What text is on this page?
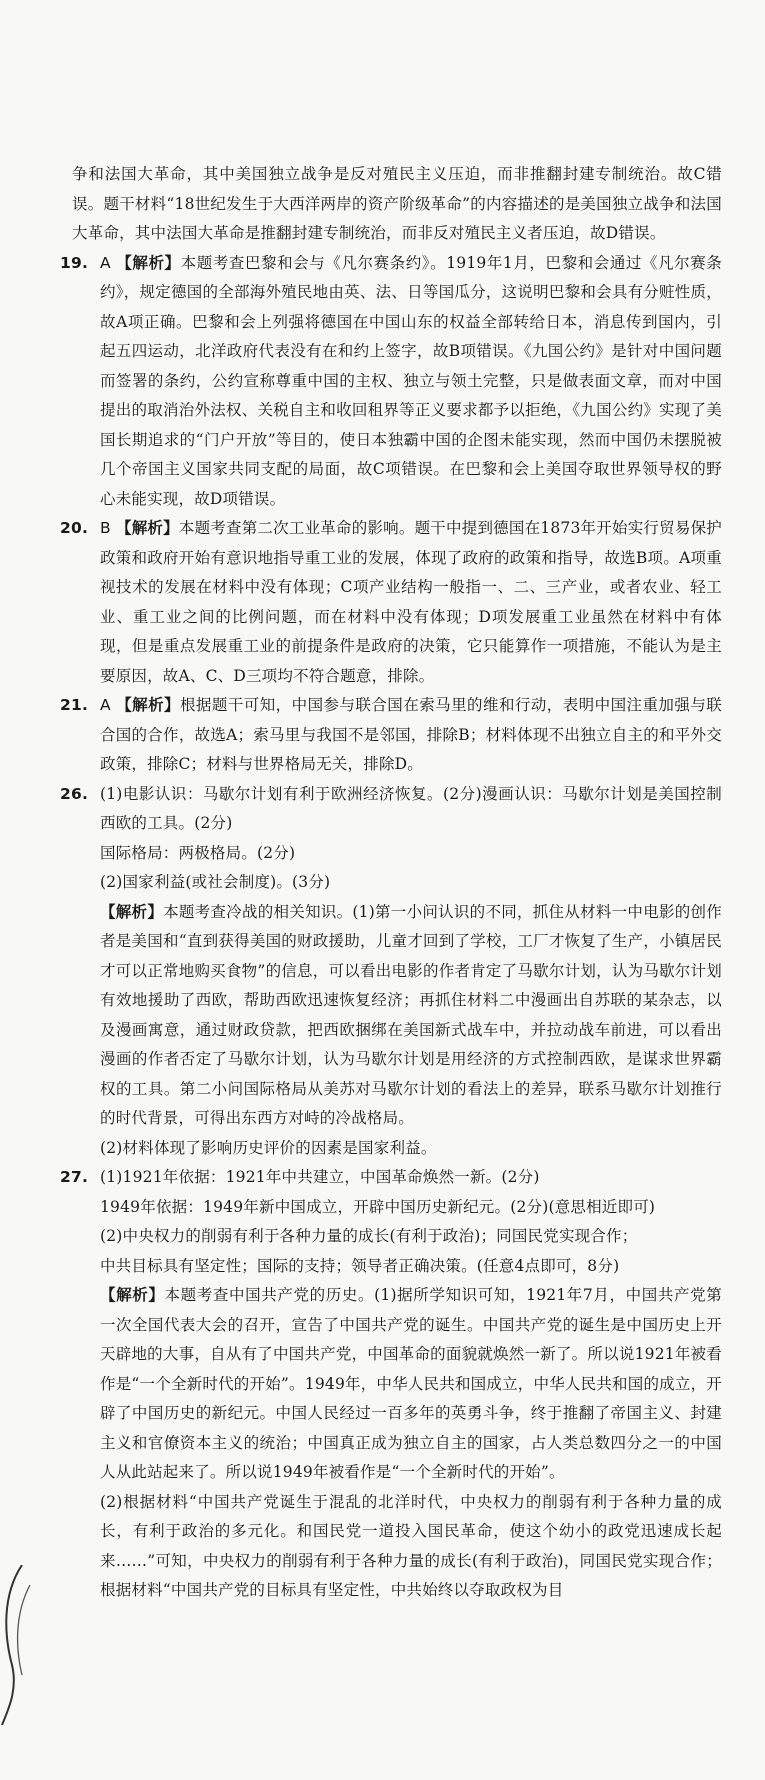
争和法国大革命，其中美国独立战争是反对殖民主义压迫，而非推翻封建专制统治。故C错误。题干材料“18世纪发生于大西洋两岸的资产阶级革命”的内容描述的是美国独立战争和法国大革命，其中法国大革命是推翻封建专制统治，而非反对殖民主义者压迫，故D错误。

19. A 【解析】本题考查巴黎和会与《凡尔赛条约》。1919年1月，巴黎和会通过《凡尔赛条约》，规定德国的全部海外殖民地由英、法、日等国瓜分，这说明巴黎和会具有分赃性质，故A项正确。巴黎和会上列强将德国在中国山东的权益全部转给日本，消息传到国内，引起五四运动，北洋政府代表没有在和约上签字，故B项错误。《九国公约》是针对中国问题而签署的条约，公约宣称尊重中国的主权、独立与领土完整，只是做表面文章，而对中国提出的取消治外法权、关税自主和收回租界等正义要求都予以拒绝，《九国公约》实现了美国长期追求的“门户开放”等目的，使日本独霸中国的企图未能实现，然而中国仍未摆脱被几个帝国主义国家共同支配的局面，故C项错误。在巴黎和会上美国夺取世界领导权的野心未能实现，故D项错误。
20. B 【解析】本题考查第二次工业革命的影响。题干中提到德国在1873年开始实行贸易保护政策和政府开始有意识地指导重工业的发展，体现了政府的政策和指导，故选B项。A项重视技术的发展在材料中没有体现；C项产业结构一般指一、二、三产业，或者农业、轻工业、重工业之间的比例问题，而在材料中没有体现；D项发展重工业虽然在材料中有体现，但是重点发展重工业的前提条件是政府的决策，它只能算作一项措施，不能认为是主要原因，故A、C、D三项均不符合题意，排除。
21. A 【解析】根据题干可知，中国参与联合国在索马里的维和行动，表明中国注重加强与联合国的合作，故选A；索马里与我国不是邻国，排除B；材料体现不出独立自主的和平外交政策，排除C；材料与世界格局无关，排除D。
26. (1)电影认识：马歇尔计划有利于欧洲经济恢复。(2分)漫画认识：马歇尔计划是美国控制西欧的工具。(2分)

国际格局：两极格局。(2分)

(2)国家利益(或社会制度)。(3分)

【解析】本题考查冷战的相关知识。(1)第一小问认识的不同，抓住从材料一中电影的创作者是美国和“直到获得美国的财政援助，儿童才回到了学校，工厂才恢复了生产，小镇居民才可以正常地购买食物”的信息，可以看出电影的作者肯定了马歇尔计划，认为马歇尔计划有效地援助了西欧，帮助西欧迅速恢复经济；再抓住材料二中漫画出自苏联的某杂志，以及漫画寓意，通过财政贷款，把西欧捆绑在美国新式战车中，并拉动战车前进，可以看出漫画的作者否定了马歇尔计划，认为马歇尔计划是用经济的方式控制西欧，是谋求世界霸权的工具。第二小问国际格局从美苏对马歇尔计划的看法上的差异，联系马歇尔计划推行的时代背景，可得出东西方对峙的冷战格局。

(2)材料体现了影响历史评价的因素是国家利益。

27. (1)1921年依据：1921年中共建立，中国革命焕然一新。(2分)

1949年依据：1949年新中国成立，开辟中国历史新纪元。(2分)(意思相近即可)

(2)中央权力的削弱有利于各种力量的成长(有利于政治)；同国民党实现合作；

中共目标具有坚定性；国际的支持；领导者正确决策。(任意4点即可，8分)

【解析】本题考查中国共产党的历史。(1)据所学知识可知，1921年7月，中国共产党第一次全国代表大会的召开，宣告了中国共产党的诞生。中国共产党的诞生是中国历史上开天辟地的大事，自从有了中国共产党，中国革命的面貌就焕然一新了。所以说1921年被看作是“一个全新时代的开始”。1949年，中华人民共和国成立，中华人民共和国的成立，开辟了中国历史的新纪元。中国人民经过一百多年的英勇斗争，终于推翻了帝国主义、封建主义和官僚资本主义的统治；中国真正成为独立自主的国家，占人类总数四分之一的中国人从此站起来了。所以说1949年被看作是“一个全新时代的开始”。

(2)根据材料“中国共产党诞生于混乱的北洋时代，中央权力的削弱有利于各种力量的成长，有利于政治的多元化。和国民党一道投入国民革命，使这个幼小的政党迅速成长起来……”可知，中央权力的削弱有利于各种力量的成长(有利于政治)，同国民党实现合作；根据材料“中国共产党的目标具有坚定性，中共始终以夺取政权为目
